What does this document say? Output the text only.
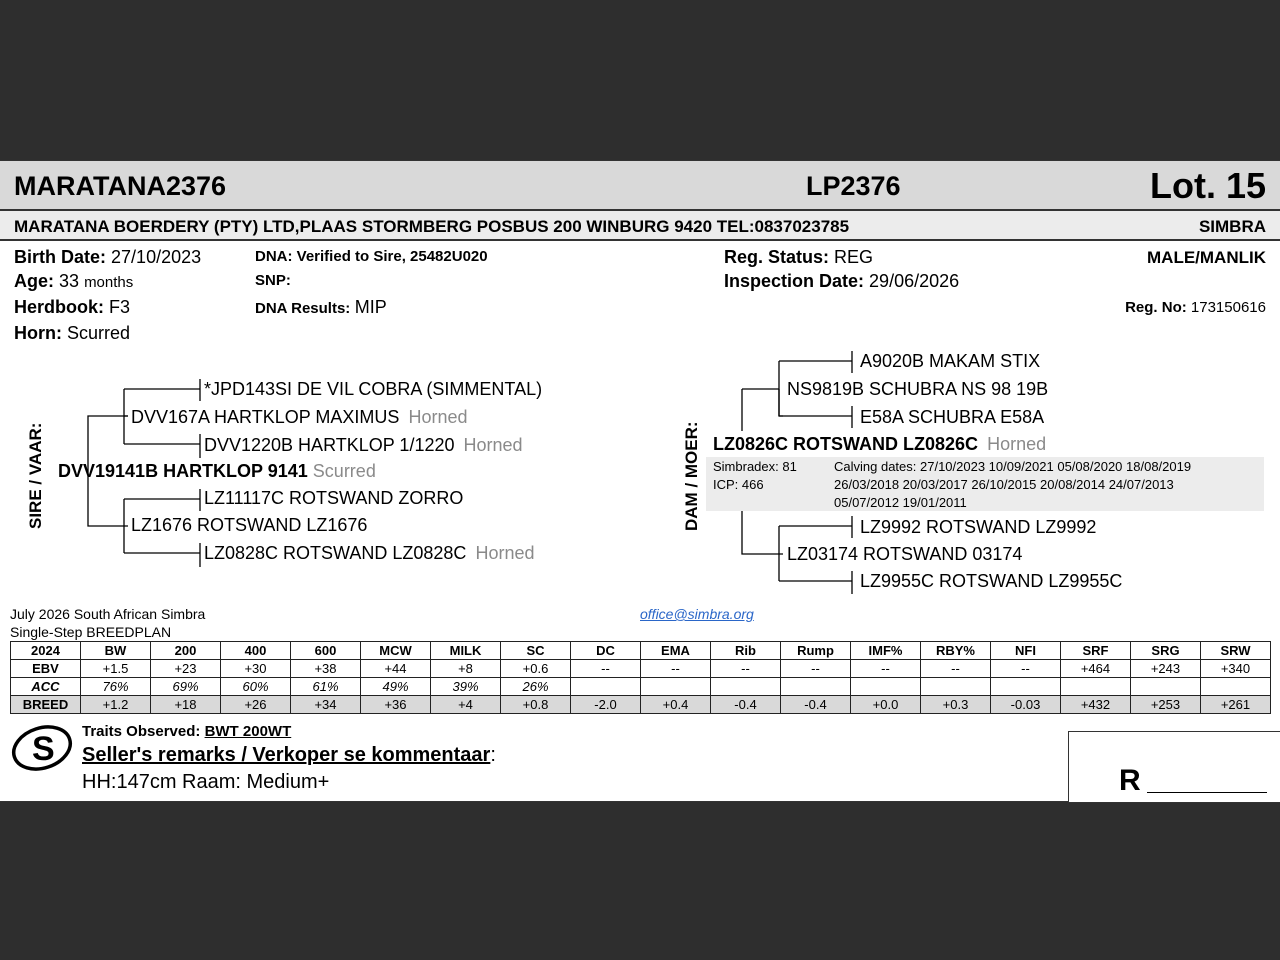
MARATANA2376	LP2376	Lot. 15
MARATANA BOERDERY (PTY) LTD,PLAAS STORMBERG POSBUS 200 WINBURG 9420 TEL:0837023785	SIMBRA
Birth Date: 27/10/2023
Age: 33 months
Herdbook: F3
Horn: Scurred
DNA: Verified to Sire, 25482U020
SNP:
DNA Results: MIP
Reg. Status: REG
Inspection Date: 29/06/2026
MALE/MANLIK
Reg. No: 173150616
SIRE / VAAR:
*JPD143SI DE VIL COBRA (SIMMENTAL)
DVV167A HARTKLOP MAXIMUS Horned
DVV1220B HARTKLOP 1/1220 Horned
DVV19141B HARTKLOP 9141 Scurred
LZ11117C ROTSWAND ZORRO
LZ1676 ROTSWAND LZ1676
LZ0828C ROTSWAND LZ0828C Horned
DAM / MOER:
A9020B MAKAM STIX
NS9819B SCHUBRA NS 98 19B
E58A SCHUBRA E58A
LZ0826C ROTSWAND LZ0826C Horned
Simbradex: 81
ICP: 466
Calving dates: 27/10/2023 10/09/2021 05/08/2020 18/08/2019
26/03/2018 20/03/2017 26/10/2015 20/08/2014 24/07/2013
05/07/2012 19/01/2011
LZ9992 ROTSWAND LZ9992
LZ03174 ROTSWAND 03174
LZ9955C ROTSWAND LZ9955C
July 2026 South African Simbra
Single-Step BREEDPLAN
office@simbra.org
2024	BW	200	400	600	MCW	MILK	SC	DC	EMA	Rib	Rump	IMF%	RBY%	NFI	SRF	SRG	SRW
EBV	+1.5	+23	+30	+38	+44	+8	+0.6	--	--	--	--	--	--	--	+464	+243	+340
ACC	76%	69%	60%	61%	49%	39%	26%										
BREED	+1.2	+18	+26	+34	+36	+4	+0.8	-2.0	+0.4	-0.4	-0.4	+0.0	+0.3	-0.03	+432	+253	+261
S Traits Observed: BWT 200WT
Seller's remarks / Verkoper se kommentaar:
HH:147cm Raam: Medium+	R
